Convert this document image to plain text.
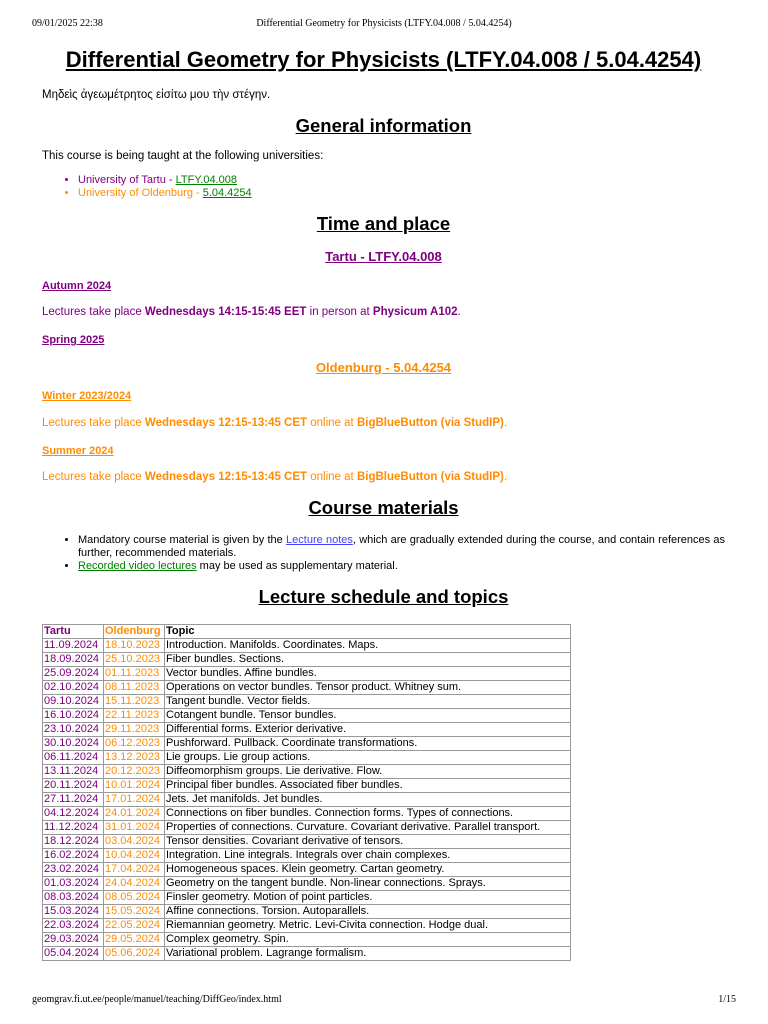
09/01/2025 22:38	Differential Geometry for Physicists (LTFY.04.008 / 5.04.4254)
Differential Geometry for Physicists (LTFY.04.008 / 5.04.4254)

Μηδεὶς ἀγεωμέτρητος εἰσίτω μου τὴν στέγην.

General information

This course is being taught at the following universities:

• University of Tartu - LTFY.04.008
• University of Oldenburg - 5.04.4254
Time and place
Tartu - LTFY.04.008
Autumn 2024

Lectures take place Wednesdays 14:15-15:45 EET in person at Physicum A102.

Spring 2025
Oldenburg - 5.04.4254
Winter 2023/2024

Lectures take place Wednesdays 12:15-13:45 CET online at BigBlueButton (via StudIP).

Summer 2024

Lectures take place Wednesdays 12:15-13:45 CET online at BigBlueButton (via StudIP).

Course materials
• Mandatory course material is given by the Lecture notes, which are gradually extended during the course, and contain references as further, recommended materials.
• Recorded video lectures may be used as supplementary material.
Lecture schedule and topics
Tartu	Oldenburg	Topic
11.09.2024	18.10.2023	Introduction. Manifolds. Coordinates. Maps.
18.09.2024	25.10.2023	Fiber bundles. Sections.
25.09.2024	01.11.2023	Vector bundles. Affine bundles.
02.10.2024	08.11.2023	Operations on vector bundles. Tensor product. Whitney sum.
09.10.2024	15.11.2023	Tangent bundle. Vector fields.
16.10.2024	22.11.2023	Cotangent bundle. Tensor bundles.
23.10.2024	29.11.2023	Differential forms. Exterior derivative.
30.10.2024	06.12.2023	Pushforward. Pullback. Coordinate transformations.
06.11.2024	13.12.2023	Lie groups. Lie group actions.
13.11.2024	20.12.2023	Diffeomorphism groups. Lie derivative. Flow.
20.11.2024	10.01.2024	Principal fiber bundles. Associated fiber bundles.
27.11.2024	17.01.2024	Jets. Jet manifolds. Jet bundles.
04.12.2024	24.01.2024	Connections on fiber bundles. Connection forms. Types of connections.
11.12.2024	31.01.2024	Properties of connections. Curvature. Covariant derivative. Parallel transport.
18.12.2024	03.04.2024	Tensor densities. Covariant derivative of tensors.
16.02.2024	10.04.2024	Integration. Line integrals. Integrals over chain complexes.
23.02.2024	17.04.2024	Homogeneous spaces. Klein geometry. Cartan geometry.
01.03.2024	24.04.2024	Geometry on the tangent bundle. Non-linear connections. Sprays.
08.03.2024	08.05.2024	Finsler geometry. Motion of point particles.
15.03.2024	15.05.2024	Affine connections. Torsion. Autoparallels.
22.03.2024	22.05.2024	Riemannian geometry. Metric. Levi-Civita connection. Hodge dual.
29.03.2024	29.05.2024	Complex geometry. Spin.
05.04.2024	05.06.2024	Variational problem. Lagrange formalism.
geomgrav.fi.ut.ee/people/manuel/teaching/DiffGeo/index.html	1/15
